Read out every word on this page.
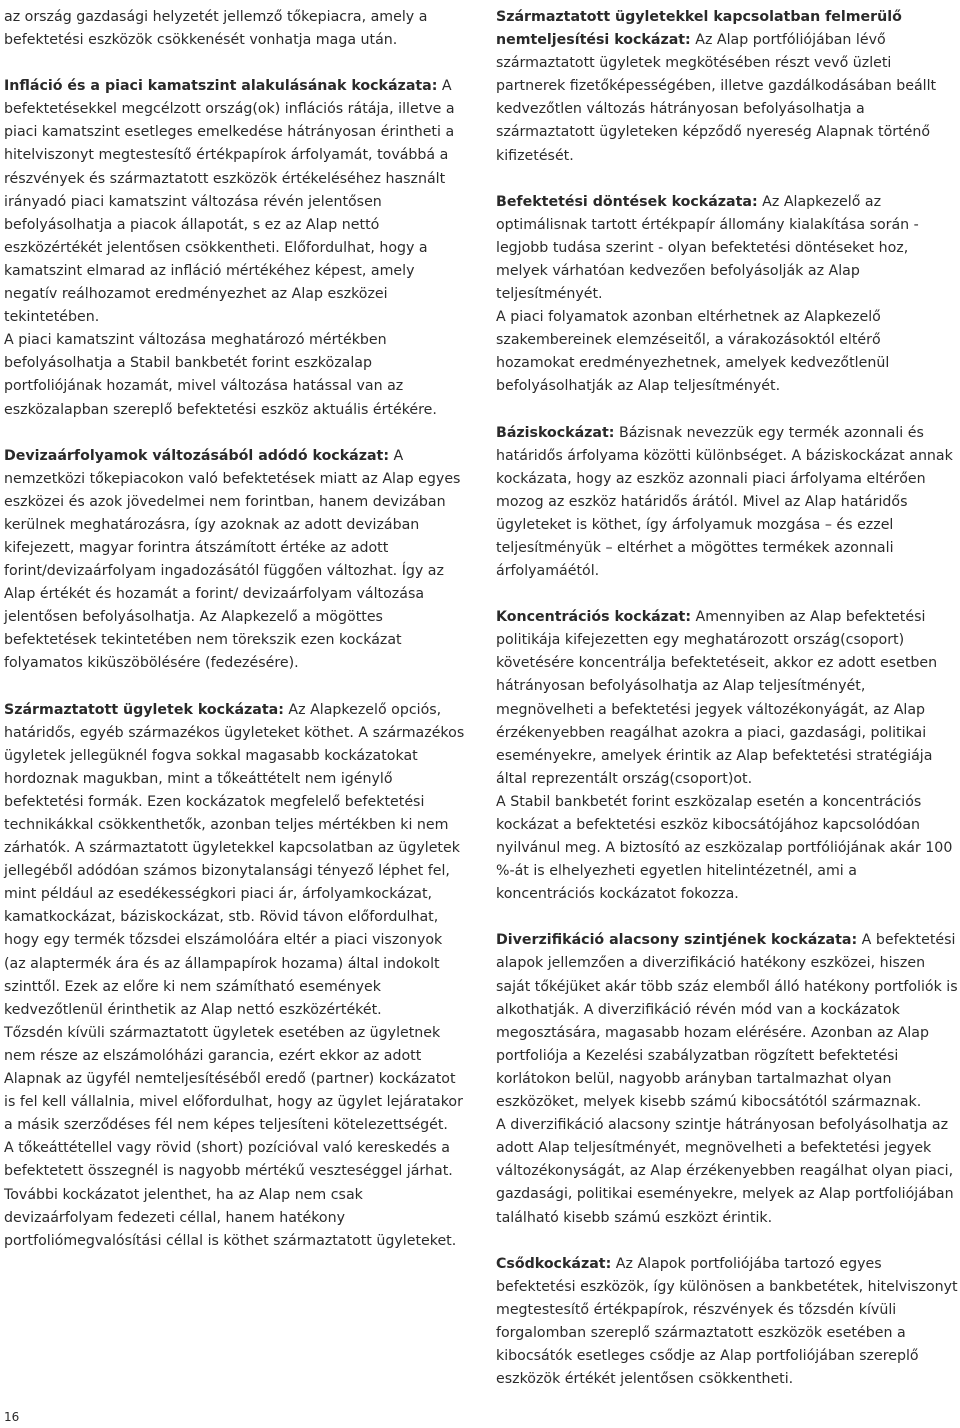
az ország gazdasági helyzetét jellemző tőkepiacra, amely a befektetési eszközök csökkenését vonhatja maga után.

Infláció és a piaci kamatszint alakulásának kockázata: A befektetésekkel megcélzott ország(ok) inflációs rátája, illetve a piaci kamatszint esetleges emelkedése hátrányosan érintheti a hitelviszonyt megtestesítő értékpapírok árfolyamát, továbbá a részvények és származtatott eszközök értékeléséhez használt irányadó piaci kamatszint változása révén jelentősen befolyásolhatja a piacok állapotát, s ez az Alap nettó eszközértékét jelentősen csökkentheti. Előfordulhat, hogy a kamatszint elmarad az infláció mértékéhez képest, amely negatív reálhozamot eredményezhet az Alap eszközei tekintetében.

A piaci kamatszint változása meghatározó mértékben befolyásolhatja a Stabil bankbetét forint eszközalap portfoliójának hozamát, mivel változása hatással van az eszközalapban szereplő befektetési eszköz aktuális értékére.

Devizaárfolyamok változásából adódó kockázat: A nemzetközi tőkepiacokon való befektetések miatt az Alap egyes eszközei és azok jövedelmei nem forintban, hanem devizában kerülnek meghatározásra, így azoknak az adott devizában kifejezett, magyar forintra átszámított értéke az adott forint/devizaárfolyam ingadozásától függően változhat. Így az Alap értékét és hozamát a forint/ devizaárfolyam változása jelentősen befolyásolhatja. Az Alapkezelő a mögöttes befektetések tekintetében nem törekszik ezen kockázat folyamatos kiküszöbölésére (fedezésére).

Származtatott ügyletek kockázata: Az Alapkezelő opciós, határidős, egyéb származékos ügyleteket köthet. A származékos ügyletek jellegüknél fogva sokkal magasabb kockázatokat hordoznak magukban, mint a tőkeáttételt nem igénylő befektetési formák. Ezen kockázatok megfelelő befektetési technikákkal csökkenthetők, azonban teljes mértékben ki nem zárhatók. A származtatott ügyletekkel kapcsolatban az ügyletek jellegéből adódóan számos bizonytalansági tényező léphet fel, mint például az esedékességkori piaci ár, árfolyamkockázat, kamatkockázat, báziskockázat, stb. Rövid távon előfordulhat, hogy egy termék tőzsdei elszámolóára eltér a piaci viszonyok (az alaptermék ára és az állampapírok hozama) által indokolt szinttől. Ezek az előre ki nem számítható események kedvezőtlenül érinthetik az Alap nettó eszközértékét.

Tőzsdén kívüli származtatott ügyletek esetében az ügyletnek nem része az elszámolóházi garancia, ezért ekkor az adott Alapnak az ügyfél nemteljesítéséből eredő (partner) kockázatot is fel kell vállalnia, mivel előfordulhat, hogy az ügylet lejáratakor a másik szerződéses fél nem képes teljesíteni kötelezettségét.

A tőkeáttétellel vagy rövid (short) pozícióval való kereskedés a befektetett összegnél is nagyobb mértékű veszteséggel járhat.

További kockázatot jelenthet, ha az Alap nem csak devizaárfolyam fedezeti céllal, hanem hatékony portfoliómegvalósítási céllal is köthet származtatott ügyleteket.

Származtatott ügyletekkel kapcsolatban felmerülő nemteljesítési kockázat: Az Alap portfóliójában lévő származtatott ügyletek megkötésében részt vevő üzleti partnerek fizetőképességében, illetve gazdálkodásában beállt kedvezőtlen változás hátrányosan befolyásolhatja a származtatott ügyleteken képződő nyereség Alapnak történő kifizetését.

Befektetési döntések kockázata: Az Alapkezelő az optimálisnak tartott értékpapír állomány kialakítása során - legjobb tudása szerint - olyan befektetési döntéseket hoz, melyek várhatóan kedvezően befolyásolják az Alap teljesítményét.

A piaci folyamatok azonban eltérhetnek az Alapkezelő szakembereinek elemzéseitől, a várakozásoktól eltérő hozamokat eredményezhetnek, amelyek kedvezőtlenül befolyásolhatják az Alap teljesítményét.

Báziskockázat: Bázisnak nevezzük egy termék azonnali és határidős árfolyama közötti különbséget. A báziskockázat annak kockázata, hogy az eszköz azonnali piaci árfolyama eltérően mozog az eszköz határidős árától. Mivel az Alap határidős ügyleteket is köthet, így árfolyamuk mozgása – és ezzel teljesítményük – eltérhet a mögöttes termékek azonnali árfolyamáétól.

Koncentrációs kockázat: Amennyiben az Alap befektetési politikája kifejezetten egy meghatározott ország(csoport) követésére koncentrálja befektetéseit, akkor ez adott esetben hátrányosan befolyásolhatja az Alap teljesítményét, megnövelheti a befektetési jegyek változékonyágát, az Alap érzékenyebben reagálhat azokra a piaci, gazdasági, politikai eseményekre, amelyek érintik az Alap befektetési stratégiája által reprezentált ország(csoport)ot.

A Stabil bankbetét forint eszközalap esetén a koncentrációs kockázat a befektetési eszköz kibocsátójához kapcsolódóan nyilvánul meg. A biztosító az eszközalap portfóliójának akár 100 %-át is elhelyezheti egyetlen hitelintézetnél, ami a koncentrációs kockázatot fokozza.

Diverzifikáció alacsony szintjének kockázata: A befektetési alapok jellemzően a diverzifikáció hatékony eszközei, hiszen saját tőkéjüket akár több száz elemből álló hatékony portfoliók is alkothatják. A diverzifikáció révén mód van a kockázatok megosztására, magasabb hozam elérésére. Azonban az Alap portfoliója a Kezelési szabályzatban rögzített befektetési korlátokon belül, nagyobb arányban tartalmazhat olyan eszközöket, melyek kisebb számú kibocsátótól származnak.

A diverzifikáció alacsony szintje hátrányosan befolyásolhatja az adott Alap teljesítményét, megnövelheti a befektetési jegyek változékonyságát, az Alap érzékenyebben reagálhat olyan piaci, gazdasági, politikai eseményekre, melyek az Alap portfoliójában található kisebb számú eszközt érintik.

Csődkockázat: Az Alapok portfoliójába tartozó egyes befektetési eszközök, így különösen a bankbetétek, hitelviszonyt megtestesítő értékpapírok, részvények és tőzsdén kívüli forgalomban szereplő származtatott eszközök esetében a kibocsátók esetleges csődje az Alap portfoliójában szereplő eszközök értékét jelentősen csökkentheti.

16
